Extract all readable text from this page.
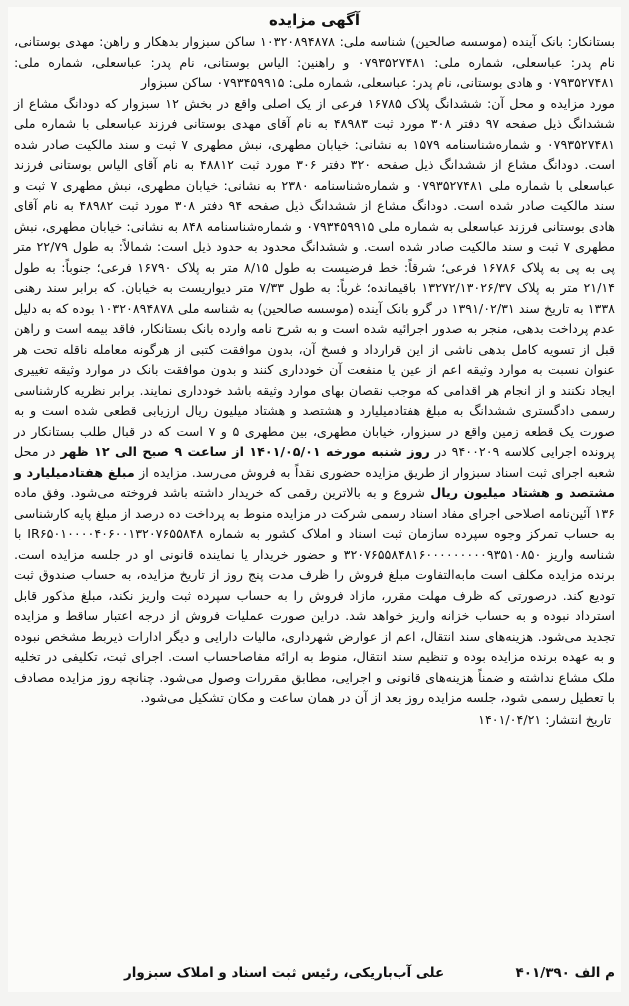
آگهی مزایده

بستانکار: بانک آینده (موسسه صالحین) شناسه ملی: ۱۰۳۲۰۸۹۴۸۷۸ ساکن سبزوار بدهکار و راهن: مهدی بوستانی، نام پدر: عباسعلی، شماره ملی: ۰۷۹۳۵۲۷۴۸۱ و راهنین: الیاس بوستانی، نام پدر: عباسعلی، شماره ملی: ۰۷۹۳۵۲۷۴۸۱ و هادی بوستانی، نام پدر: عباسعلی، شماره ملی: ۰۷۹۳۴۵۹۹۱۵ ساکن سبزوار

مورد مزایده و محل آن: ششدانگ پلاک ۱۶۷۸۵ فرعی از یک اصلی واقع در بخش ۱۲ سبزوار که دودانگ مشاع از ششدانگ ذیل صفحه ۹۷ دفتر ۳۰۸ مورد ثبت ۴۸۹۸۳ به نام آقای مهدی بوستانی فرزند عباسعلی با شماره ملی ۰۷۹۳۵۲۷۴۸۱ و شماره‌شناسنامه ۱۵۷۹ به نشانی: خیابان مطهری، نبش مطهری ۷ ثبت و سند مالکیت صادر شده است. دودانگ مشاع از ششدانگ ذیل صفحه ۳۲۰ دفتر ۳۰۶ مورد ثبت ۴۸۸۱۲ به نام آقای الیاس بوستانی فرزند عباسعلی با شماره ملی ۰۷۹۳۵۲۷۴۸۱ و شماره‌شناسنامه ۲۳۸۰ به نشانی: خیابان مطهری، نبش مطهری ۷ ثبت و سند مالکیت صادر شده است. دودانگ مشاع از ششدانگ ذیل صفحه ۹۴ دفتر ۳۰۸ مورد ثبت ۴۸۹۸۲ به نام آقای هادی بوستانی فرزند عباسعلی به شماره ملی ۰۷۹۳۴۵۹۹۱۵ و شماره‌شناسنامه ۸۴۸ به نشانی: خیابان مطهری، نبش مطهری ۷ ثبت و سند مالکیت صادر شده است. و ششدانگ محدود به حدود ذیل است: شمالاً: به طول ۲۲/۷۹ متر پی به پی به پلاک ۱۶۷۸۶ فرعی؛ شرقاً: خط فرضیست به طول ۸/۱۵ متر به پلاک ۱۶۷۹۰ فرعی؛ جنوباً: به طول ۲۱/۱۴ متر به پلاک ۱۳۲۷۲/۱۳۰۲۶/۳۷ باقیمانده؛ غرباً: به طول ۷/۳۳ متر دیواریست به خیابان. که برابر سند رهنی ۱۳۳۸ به تاریخ سند ۱۳۹۱/۰۲/۳۱ در گرو بانک آینده (موسسه صالحین) به شناسه ملی ۱۰۳۲۰۸۹۴۸۷۸ بوده که به دلیل عدم پرداخت بدهی، منجر به صدور اجرائیه شده است و به شرح نامه وارده بانک بستانکار، فاقد بیمه است و راهن قبل از تسویه کامل بدهی ناشی از این قرارداد و فسخ آن، بدون موافقت کتبی از هرگونه معامله ناقله تحت هر عنوان نسبت به موارد وثیقه اعم از عین یا منفعت آن خودداری کنند و بدون موافقت بانک در موارد وثیقه تغییری ایجاد نکنند و از انجام هر اقدامی که موجب نقصان بهای موارد وثیقه باشد خودداری نمایند. برابر نظریه کارشناسی رسمی دادگستری ششدانگ به مبلغ هفتادمیلیارد و هشتصد و هشتاد میلیون ریال ارزیابی قطعی شده است و به صورت یک قطعه زمین واقع در سبزوار، خیابان مطهری، بین مطهری ۵ و ۷ است که در قبال طلب بستانکار در پرونده اجرایی کلاسه ۹۴۰۰۲۰۹ در روز شنبه مورخه ۱۴۰۱/۰۵/۰۱ از ساعت ۹ صبح الی ۱۲ ظهر در محل شعبه اجرای ثبت اسناد سبزوار از طریق مزایده حضوری نقداً به فروش می‌رسد. مزایده از مبلغ هفتادمیلیارد و مشتصد و هشتاد میلیون ریال شروع و به بالاترین رقمی که خریدار داشته باشد فروخته می‌شود. وفق ماده ۱۳۶ آئین‌نامه اصلاحی اجرای مفاد اسناد رسمی شرکت در مزایده منوط به پرداخت ده درصد از مبلغ پایه کارشناسی به حساب تمرکز وجوه سپرده سازمان ثبت اسناد و املاک کشور به شماره IR۶۵۰۱۰۰۰۰۴۰۶۰۰۱۳۲۰۷۶۵۵۸۴۸ با شناسه واریز ۳۲۰۷۶۵۵۸۴۸۱۶۰۰۰۰۰۰۰۰۰۹۳۵۱۰۸۵۰ و حضور خریدار یا نماینده قانونی او در جلسه مزایده است. برنده مزایده مکلف است مابه‌التفاوت مبلغ فروش را ظرف مدت پنج روز از تاریخ مزایده، به حساب صندوق ثبت تودیع کند. درصورتی که ظرف مهلت مقرر، مازاد فروش را به حساب سپرده ثبت واریز نکند، مبلغ مذکور قابل استرداد نبوده و به حساب خزانه واریز خواهد شد. دراین صورت عملیات فروش از درجه اعتبار ساقط و مزایده تجدید می‌شود. هزینه‌های سند انتقال، اعم از عوارض شهرداری، مالیات دارایی و دیگر ادارات ذیربط مشخص نبوده و به عهده برنده مزایده بوده و تنظیم سند انتقال، منوط به ارائه مفاصاحساب است. اجرای ثبت، تکلیفی در تخلیه ملک مشاع نداشته و ضمناً هزینه‌های قانونی و اجرایی، مطابق مقررات وصول می‌شود. چنانچه روز مزایده مصادف با تعطیل رسمی شود، جلسه مزایده روز بعد از آن در همان ساعت و مکان تشکیل می‌شود.

تاریخ انتشار: ۱۴۰۱/۰۴/۲۱
م الف ۴۰۱/۳۹۰
علی آب‌باریکی، رئیس ثبت اسناد و املاک سبزوار
